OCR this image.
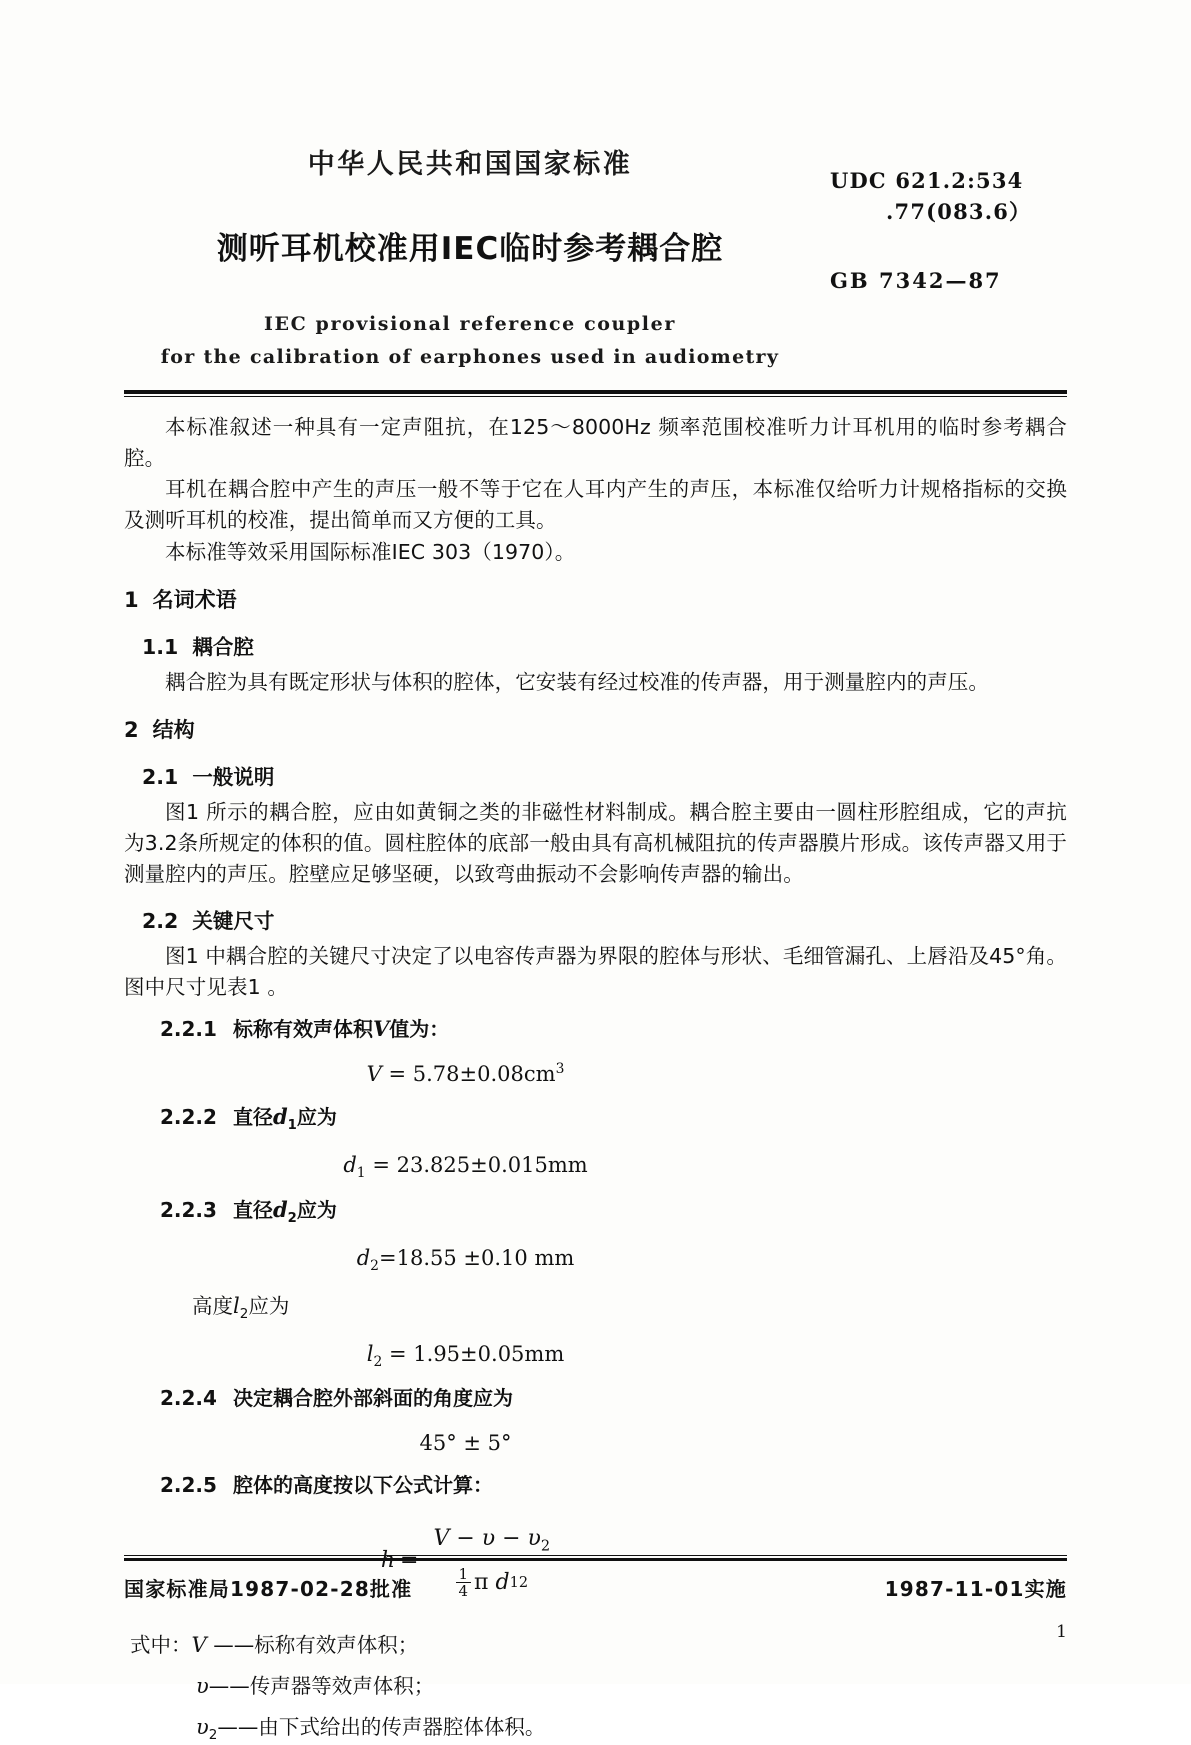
中华人民共和国国家标准
测听耳机校准用IEC临时参考耦合腔
IEC provisional reference coupler
for the calibration of earphones used in audiometry
UDC 621.2:534
.77(083.6）
GB 7342—87

本标准叙述一种具有一定声阻抗，在125～8000Hz 频率范围校准听力计耳机用的临时参考耦合腔。

耳机在耦合腔中产生的声压一般不等于它在人耳内产生的声压，本标准仅给听力计规格指标的交换及测听耳机的校准，提出简单而又方便的工具。

本标准等效采用国际标准IEC 303（1970）。

1 名词术语
1.1 耦合腔

耦合腔为具有既定形状与体积的腔体，它安装有经过校准的传声器，用于测量腔内的声压。

2 结构
2.1 一般说明

图1 所示的耦合腔，应由如黄铜之类的非磁性材料制成。耦合腔主要由一圆柱形腔组成，它的声抗为3.2条所规定的体积的值。圆柱腔体的底部一般由具有高机械阻抗的传声器膜片形成。该传声器又用于测量腔内的声压。腔壁应足够坚硬，以致弯曲振动不会影响传声器的输出。

2.2 关键尺寸

图1 中耦合腔的关键尺寸决定了以电容传声器为界限的腔体与形状、毛细管漏孔、上唇沿及45°角。图中尺寸见表1 。

2.2.1 标称有效声体积V值为：
$V = 5.78\pm 0.08cm^3$
2.2.2 直径$d_1$应为
$d_1 = 23.825\pm 0.015mm$
2.2.3 直径$d_2$应为
$d_2=18.55 \pm 0.10$ mm
高度$l_2$应为
$l_2 = 1.95\pm 0.05mm$
2.2.4 决定耦合腔外部斜面的角度应为
45° ± 5°
2.2.5 腔体的高度按以下公式计算：
$h = V - \upsilon - \upsilon_2$
$\frac{1}{4}$ π
d 1 2
式中：V ——标称有效声体积；
υ——传声器等效声体积；
$\upsilon_2——$由下式给出的传声器腔体体积。
国家标准局1987-02-28批准	1987-11-01实施
1
